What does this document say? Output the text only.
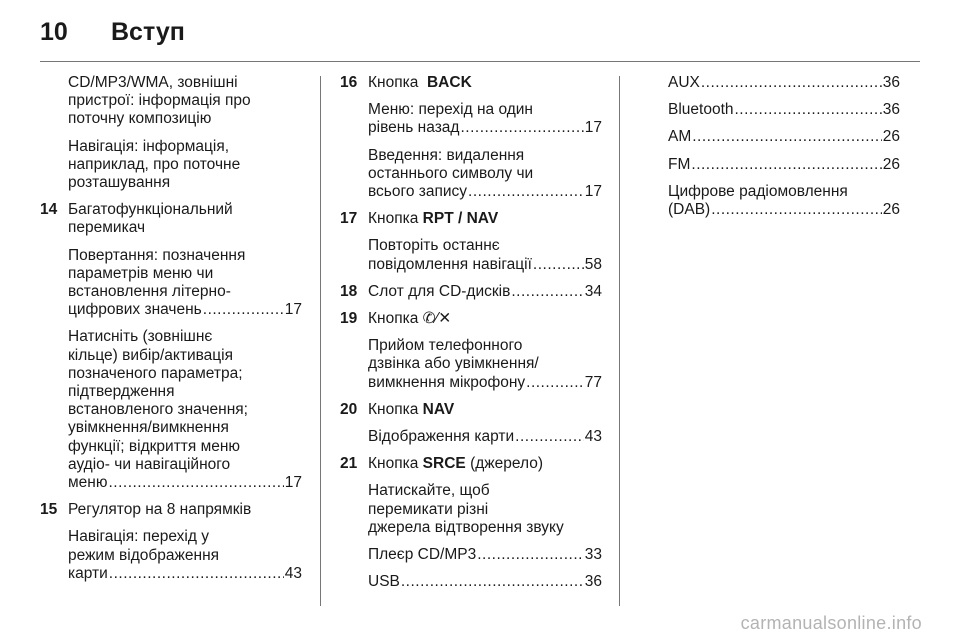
10 Вступ
CD/MP3/WMA, зовнішні
пристрої: інформація про
поточну композицію
Навігація: інформація,
наприклад, про поточне
розташування
14 Багатофункціональний
перемикач
Повертання: позначення
параметрів меню чи
встановлення літерно-
цифрових значень .....	17
Натисніть (зовнішнє
кільце) вибір/активація
позначеного параметра;
підтвердження
встановленого значення;
увімкнення/вимкнення
функції; відкриття меню
аудіо- чи навігаційного
меню .....	17
15 Регулятор на 8 напрямків
Навігація: перехід у
режим відображення
карти .....	43
16 Кнопка BACK
Меню: перехід на один
рівень назад .....	17
Введення: видалення
останнього символу чи
всього запису .....	17
17 Кнопка RPT / NAV
Повторіть останнє
повідомлення навігації .....	58
18 Слот для CD-дисків .....	34
19 Кнопка ✆⁄✕
Прийом телефонного
дзвінка або увімкнення/
вимкнення мікрофону .....	77
20 Кнопка NAV
Відображення карти .....	43
21 Кнопка SRCE (джерело)
Натискайте, щоб
перемикати різні
джерела відтворення звуку
Плеєр CD/MP3 .....	33
USB .....	36
AUX .....	36
Bluetooth .....	36
AM .....	26
FM .....	26
Цифрове радіомовлення
(DAB) .....	26
carmanualsonline.info
